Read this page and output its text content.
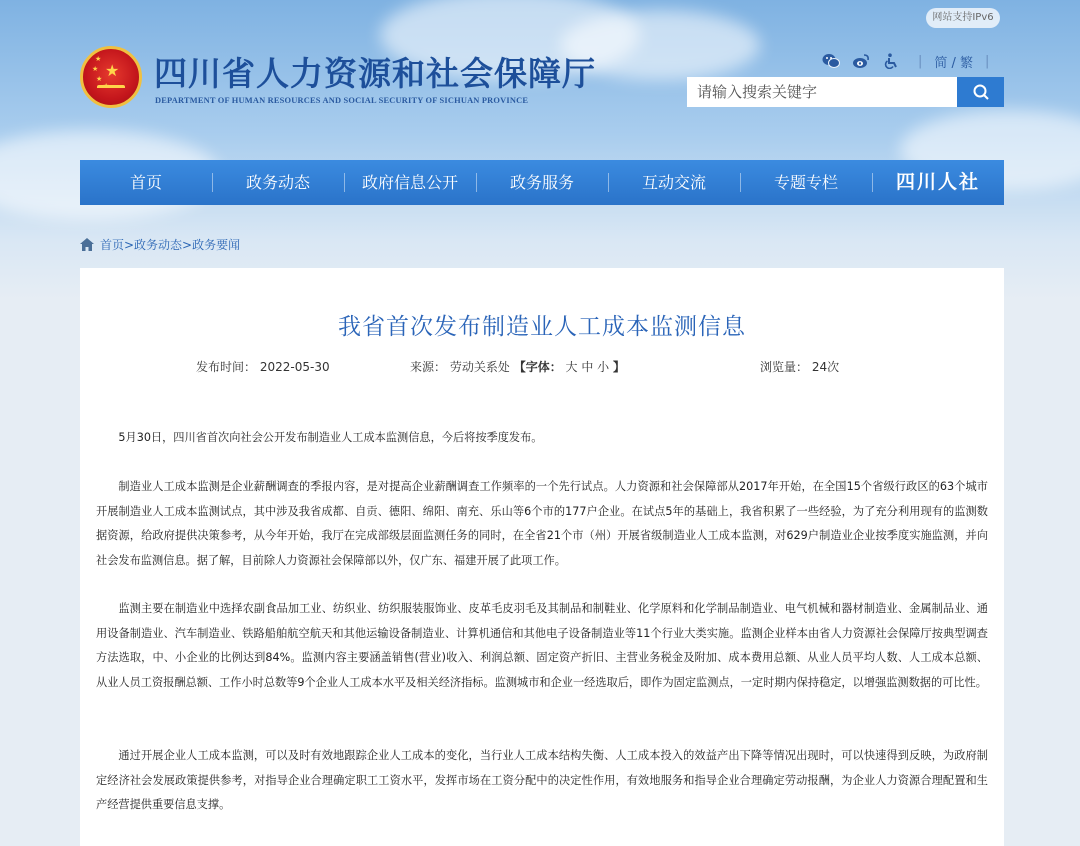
网站支持IPv6
★
★
★
★
★ 四川省人力资源和社会保障厅
DEPARTMENT OF HUMAN RESOURCES AND SOCIAL SECURITY OF SICHUAN PROVINCE
| 简 / 繁 |
请输入搜索关键字
首页	政务动态	政府信息公开	政务服务	互动交流	专题专栏	四川人社
首页>政务动态>政务要闻
我省首次发布制造业人工成本监测信息
发布时间： 2022-05-30	来源： 劳动关系处 【字体： 大 中 小 】	浏览量： 24次

5月30日，四川省首次向社会公开发布制造业人工成本监测信息，今后将按季度发布。

制造业人工成本监测是企业薪酬调查的季报内容，是对提高企业薪酬调查工作频率的一个先行试点。人力资源和社会保障部从2017年开始，在全国15个省级行政区的63个城市开展制造业人工成本监测试点，其中涉及我省成都、自贡、德阳、绵阳、南充、乐山等6个市的177户企业。在试点5年的基础上，我省积累了一些经验，为了充分利用现有的监测数据资源，给政府提供决策参考，从今年开始，我厅在完成部级层面监测任务的同时，在全省21个市（州）开展省级制造业人工成本监测，对629户制造业企业按季度实施监测，并向社会发布监测信息。据了解，目前除人力资源社会保障部以外，仅广东、福建开展了此项工作。

监测主要在制造业中选择农副食品加工业、纺织业、纺织服装服饰业、皮革毛皮羽毛及其制品和制鞋业、化学原料和化学制品制造业、电气机械和器材制造业、金属制品业、通用设备制造业、汽车制造业、铁路船舶航空航天和其他运输设备制造业、计算机通信和其他电子设备制造业等11个行业大类实施。监测企业样本由省人力资源社会保障厅按典型调查方法选取，中、小企业的比例达到84%。监测内容主要涵盖销售(营业)收入、利润总额、固定资产折旧、主营业务税金及附加、成本费用总额、从业人员平均人数、人工成本总额、从业人员工资报酬总额、工作小时总数等9个企业人工成本水平及相关经济指标。监测城市和企业一经选取后，即作为固定监测点，一定时期内保持稳定，以增强监测数据的可比性。

通过开展企业人工成本监测，可以及时有效地跟踪企业人工成本的变化，当行业人工成本结构失衡、人工成本投入的效益产出下降等情况出现时，可以快速得到反映，为政府制定经济社会发展政策提供参考，对指导企业合理确定职工工资水平，发挥市场在工资分配中的决定性作用，有效地服务和指导企业合理确定劳动报酬，为企业人力资源合理配置和生产经营提供重要信息支撑。
